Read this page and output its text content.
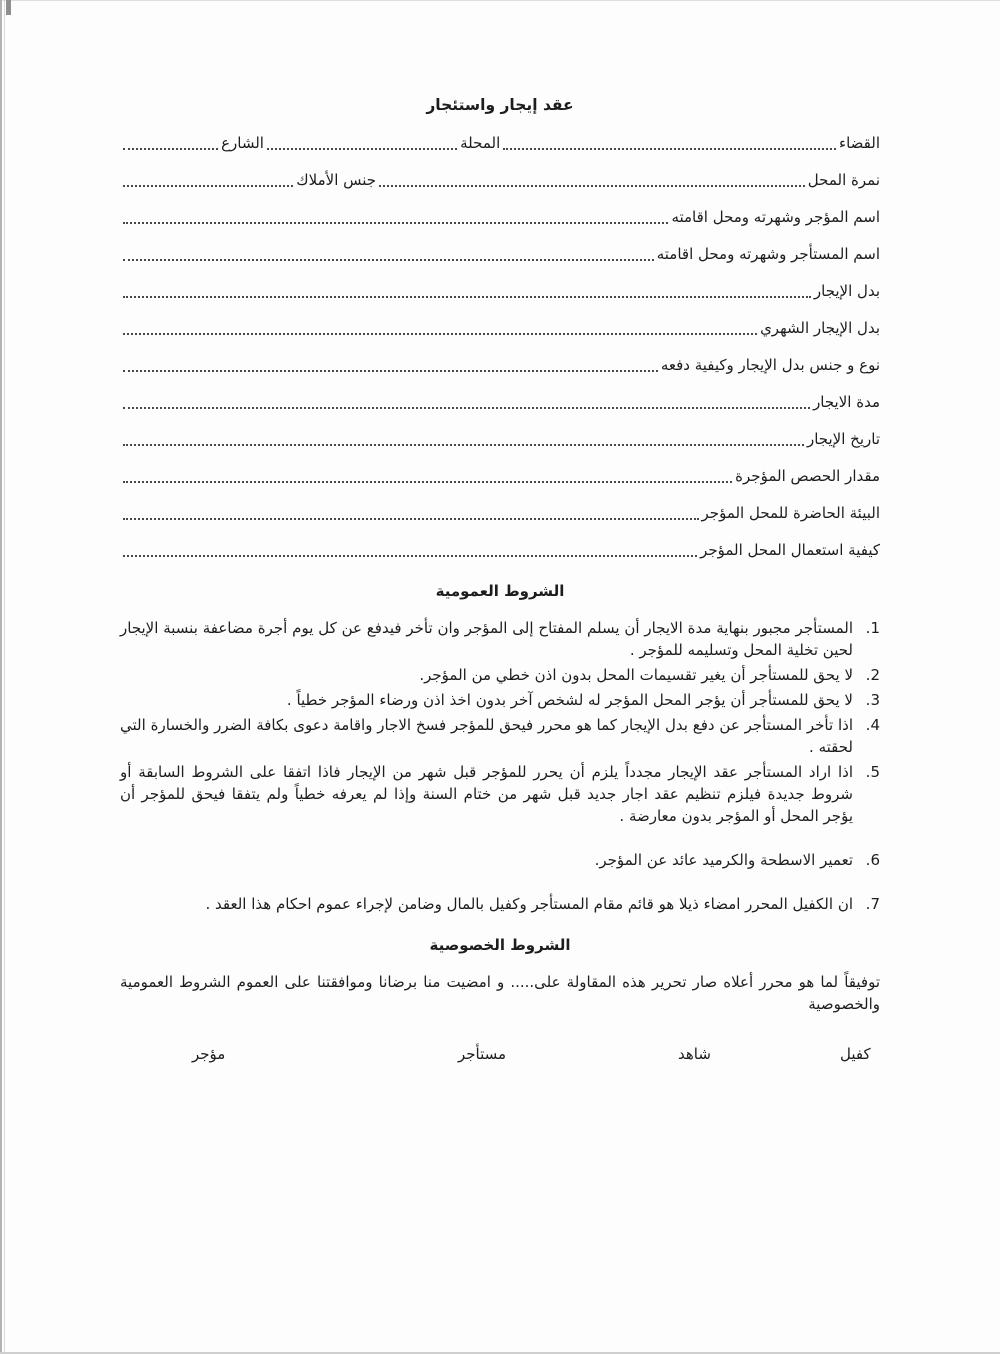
عقد إيجار واستئجار
القضاء
المحلة
الشارع
نمرة المحل
جنس الأملاك
اسم المؤجر وشهرته ومحل اقامته
اسم المستأجر وشهرته ومحل اقامته
بدل الإيجار
بدل الإيجار الشهري
نوع و جنس بدل الإيجار وكيفية دفعه
مدة الايجار
تاريخ الإيجار
مقدار الحصص المؤجرة
البيئة الحاضرة للمحل المؤجر
كيفية استعمال المحل المؤجر
الشروط العمومية
1.
المستأجر مجبور بنهاية مدة الايجار أن يسلم المفتاح إلى المؤجر وان تأخر فيدفع عن كل يوم أجرة مضاعفة بنسبة الإيجار لحين تخلية المحل وتسليمه للمؤجر .
2.
لا يحق للمستأجر أن يغير تقسيمات المحل بدون اذن خطي من المؤجر.
3.
لا يحق للمستأجر أن يؤجر المحل المؤجر له لشخص آخر بدون اخذ اذن ورضاء المؤجر خطياً .
4.
اذا تأخر المستأجر عن دفع بدل الإيجار كما هو محرر فيحق للمؤجر فسخ الاجار واقامة دعوى بكافة الضرر والخسارة التي لحقته .
5.
اذا اراد المستأجر عقد الإيجار مجدداً يلزم أن يحرر للمؤجر قبل شهر من الإيجار فاذا اتفقا على الشروط السابقة أو شروط جديدة فيلزم تنظيم عقد اجار جديد قبل شهر من ختام السنة وإذا لم يعرفه خطياً ولم يتفقا فيحق للمؤجر أن يؤجر المحل أو المؤجر بدون معارضة .
6.
تعمير الاسطحة والكرميد عائد عن المؤجر.
7.
ان الكفيل المحرر امضاء ذيلا هو قائم مقام المستأجر وكفيل بالمال وضامن لإجراء عموم احكام هذا العقد .
الشروط الخصوصية
توفيقاً لما هو محرر أعلاه صار تحرير هذه المقاولة على..... و امضيت منا برضانا وموافقتنا على العموم الشروط العمومية والخصوصية
كفيل
شاهد
مستأجر
مؤجر
